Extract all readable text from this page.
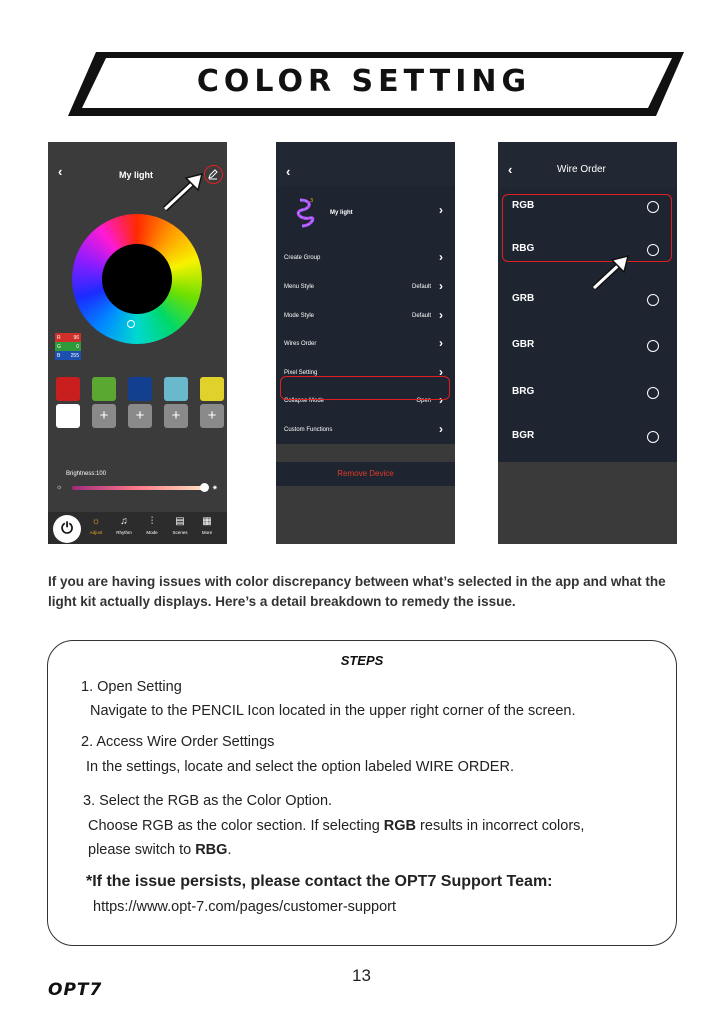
COLOR SETTING
‹	My light
R	96
G	0
B 255
+	+	+	+
Brightness:100
☼	✷
⏻	☼
Adjust
♫
Rhythm
⫶
Mode
▤
Scenes
▦
More
‹
3
My light	›
Create Group	›
Menu Style	Default ›
Mode Style	Default ›
Wires Order	›
Pixel Setting	›
Collapse Mode	Open ›
Custom Functions	›
Remove Device
‹	Wire Order
RGB
RBG
GRB
GBR
BRG
BGR
If you are having issues with color discrepancy between what’s selected in the app and what the light kit actually displays. Here’s a detail breakdown to remedy the issue.
STEPS
1. Open Setting
Navigate to the PENCIL Icon located in the upper right corner of the screen.
2. Access Wire Order Settings
In the settings, locate and select the option labeled WIRE ORDER.
3. Select the RGB as the Color Option.
Choose RGB as the color section. If selecting RGB results in incorrect colors,
please switch to RBG.
*If the issue persists, please contact the OPT7 Support Team:
https://www.opt-7.com/pages/customer-support
13
OPT7
